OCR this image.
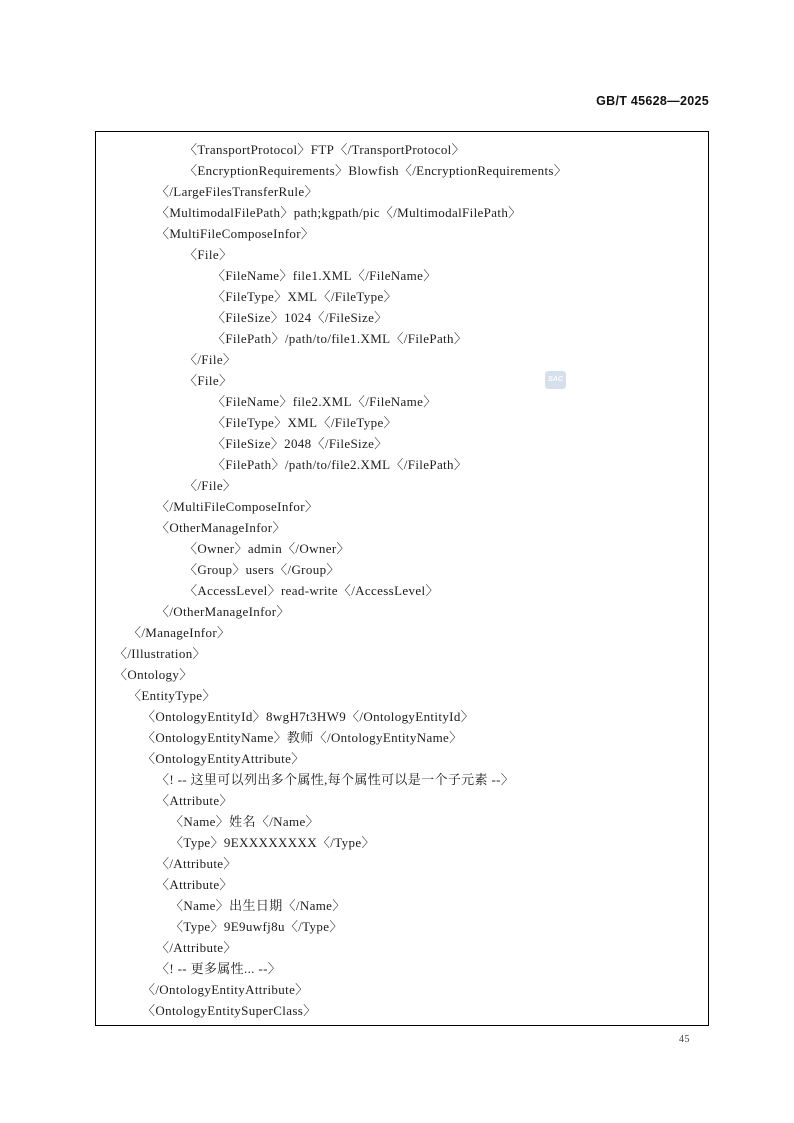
GB/T 45628—2025
〈TransportProtocol〉FTP〈/TransportProtocol〉
〈EncryptionRequirements〉Blowfish〈/EncryptionRequirements〉
〈/LargeFilesTransferRule〉
〈MultimodalFilePath〉path;kgpath/pic〈/MultimodalFilePath〉
〈MultiFileComposeInfor〉
〈File〉
〈FileName〉file1.XML〈/FileName〉
〈FileType〉XML〈/FileType〉
〈FileSize〉1024〈/FileSize〉
〈FilePath〉/path/to/file1.XML〈/FilePath〉
〈/File〉
〈File〉
〈FileName〉file2.XML〈/FileName〉
〈FileType〉XML〈/FileType〉
〈FileSize〉2048〈/FileSize〉
〈FilePath〉/path/to/file2.XML〈/FilePath〉
〈/File〉
〈/MultiFileComposeInfor〉
〈OtherManageInfor〉
〈Owner〉admin〈/Owner〉
〈Group〉users〈/Group〉
〈AccessLevel〉read-write〈/AccessLevel〉
〈/OtherManageInfor〉
〈/ManageInfor〉
〈/Illustration〉
〈Ontology〉
〈EntityType〉
〈OntologyEntityId〉8wgH7t3HW9〈/OntologyEntityId〉
〈OntologyEntityName〉教师〈/OntologyEntityName〉
〈OntologyEntityAttribute〉
〈! -- 这里可以列出多个属性,每个属性可以是一个子元素 --〉
〈Attribute〉
〈Name〉姓名〈/Name〉
〈Type〉9EXXXXXXXX〈/Type〉
〈/Attribute〉
〈Attribute〉
〈Name〉出生日期〈/Name〉
〈Type〉9E9uwfj8u〈/Type〉
〈/Attribute〉
〈! -- 更多属性... --〉
〈/OntologyEntityAttribute〉
〈OntologyEntitySuperClass〉
SAC
45
